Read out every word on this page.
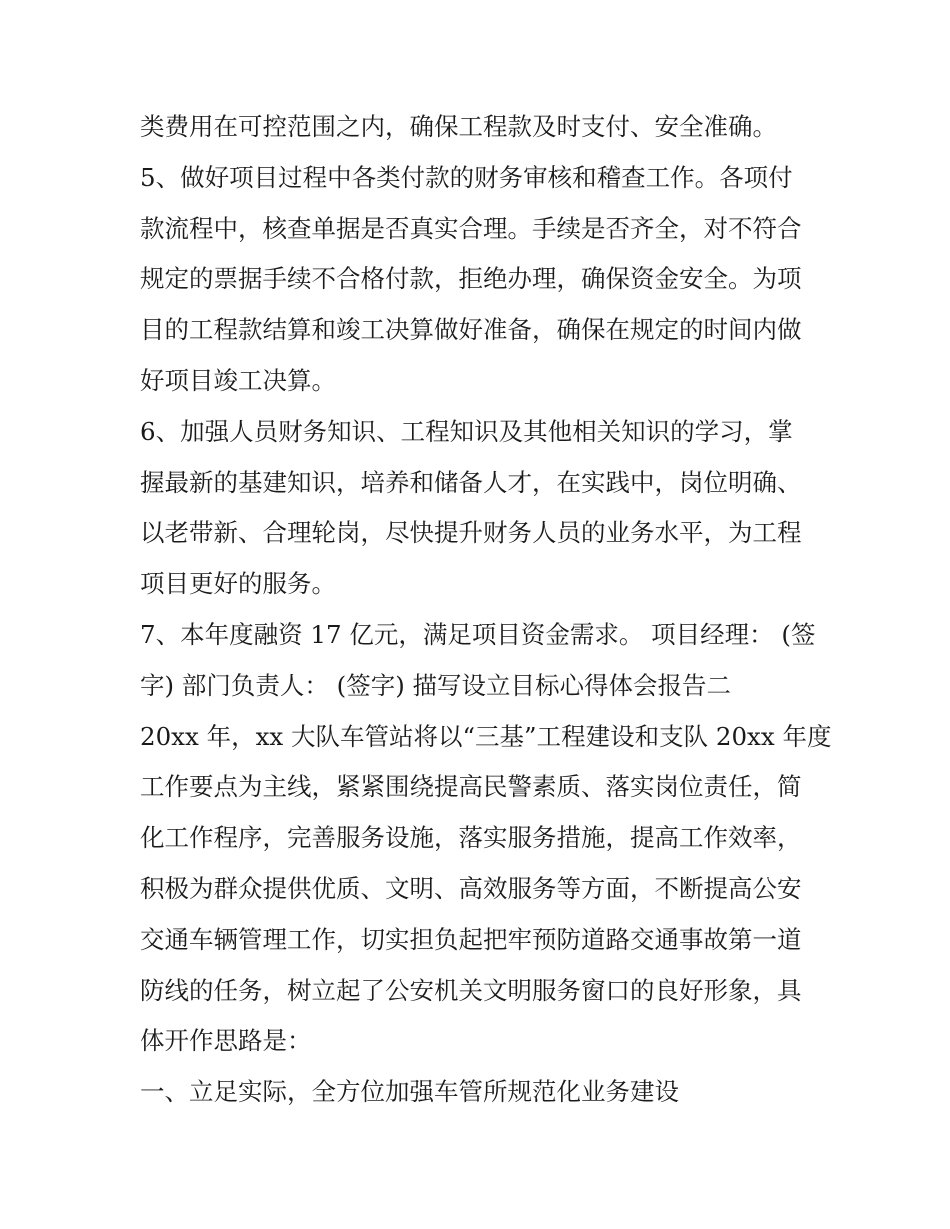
类费用在可控范围之内，确保工程款及时支付、安全准确。

5、做好项目过程中各类付款的财务审核和稽查工作。各项付

款流程中，核查单据是否真实合理。手续是否齐全，对不符合

规定的票据手续不合格付款，拒绝办理，确保资金安全。为项

目的工程款结算和竣工决算做好准备，确保在规定的时间内做

好项目竣工决算。

6、加强人员财务知识、工程知识及其他相关知识的学习，掌

握最新的基建知识，培养和储备人才，在实践中，岗位明确、

以老带新、合理轮岗，尽快提升财务人员的业务水平，为工程

项目更好的服务。

7、本年度融资 17 亿元，满足项目资金需求。 项目经理： (签

字) 部门负责人： (签字) 描写设立目标心得体会报告二

20xx 年，xx 大队车管站将以“三基”工程建设和支队 20xx 年度

工作要点为主线，紧紧围绕提高民警素质、落实岗位责任，简

化工作程序，完善服务设施，落实服务措施，提高工作效率，

积极为群众提供优质、文明、高效服务等方面，不断提高公安

交通车辆管理工作，切实担负起把牢预防道路交通事故第一道

防线的任务，树立起了公安机关文明服务窗口的良好形象，具

体开作思路是：

一、立足实际，全方位加强车管所规范化业务建设
